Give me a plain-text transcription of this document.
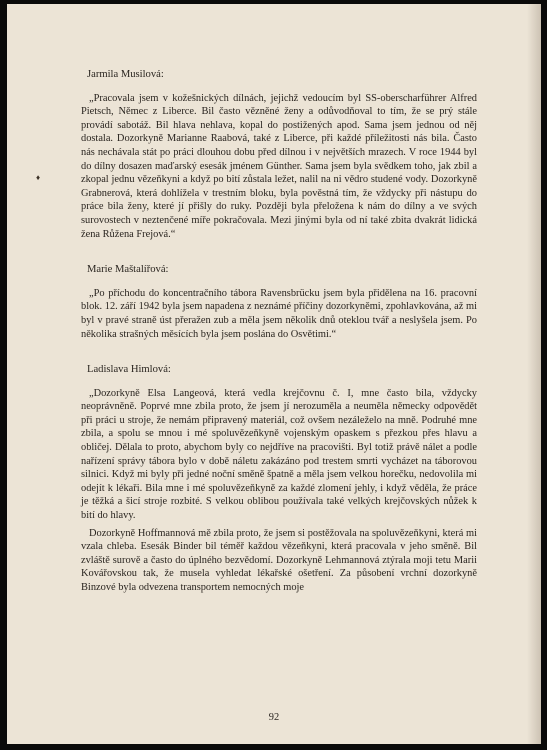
♦

Jarmila Musilová:

„Pracovala jsem v kožešnických dílnách, jejichž vedoucím byl SS-oberscharführer Alfred Pietsch, Němec z Liberce. Bil často vězněné ženy a odůvodňoval to tím, že se prý stále provádí sabotáž. Bil hlava nehlava, kopal do postižených apod. Sama jsem jednou od něj dostala. Dozorkyně Marianne Raabová, také z Liberce, při každé příležitosti nás bila. Často nás nechávala stát po práci dlouhou dobu před dílnou i v největších mrazech. V roce 1944 byl do dílny dosazen maďarský esesák jménem Günther. Sama jsem byla svědkem toho, jak zbil a zkopal jednu vězeňkyni a když po bití zůstala ležet, nalil na ni vědro studené vody. Dozorkyně Grabnerová, která dohlížela v trestním bloku, byla pověstná tím, že vždycky při nástupu do práce bila ženy, které jí přišly do ruky. Později byla přeložena k nám do dílny a ve svých surovostech v neztenčené míře pokračovala. Mezi jinými byla od ní také zbita dvakrát lidická žena Růžena Frejová.“

Marie Maštalířová:

„Po příchodu do koncentračního tábora Ravensbrücku jsem byla přidělena na 16. pracovní blok. 12. září 1942 byla jsem napadena z neznámé příčiny dozorkyněmi, zpohlavkována, až mi byl v pravé straně úst přeražen zub a měla jsem několik dnů oteklou tvář a neslyšela jsem. Po několika strašných měsících byla jsem poslána do Osvětimi.“

Ladislava Himlová:

„Dozorkyně Elsa Langeová, která vedla krejčovnu č. I, mne často bila, vždycky neoprávněně. Poprvé mne zbila proto, že jsem jí nerozuměla a neuměla německy odpovědět při práci u stroje, že nemám připravený materiál, což ovšem nezáleželo na mně. Podruhé mne zbila, a spolu se mnou i mé spoluvězeňkyně vojenským opaskem s přezkou přes hlavu a obličej. Dělala to proto, abychom byly co nejdříve na pracovišti. Byl totiž právě nálet a podle nařízení správy tábora bylo v době náletu zakázáno pod trestem smrti vycházet na táborovou silnici. Když mi byly při jedné noční směně špatně a měla jsem velkou horečku, nedovolila mi odejít k lékaři. Bila mne i mé spoluvězeňkyně za každé zlomení jehly, i když věděla, že práce je těžká a šicí stroje rozbité. S velkou oblibou používala také velkých krejčovských nůžek k bití do hlavy.

Dozorkyně Hoffmannová mě zbila proto, že jsem si postěžovala na spoluvězeňkyni, která mi vzala chleba. Esesák Binder bil téměř každou vězeňkyni, která pracovala v jeho směně. Bil zvláště surově a často do úplného bezvědomí. Dozorkyně Lehmannová ztýrala moji tetu Marii Kovářovskou tak, že musela vyhledat lékařské ošetření. Za působení vrchní dozorkyně Binzové byla odvezena transportem nemocných moje

92
